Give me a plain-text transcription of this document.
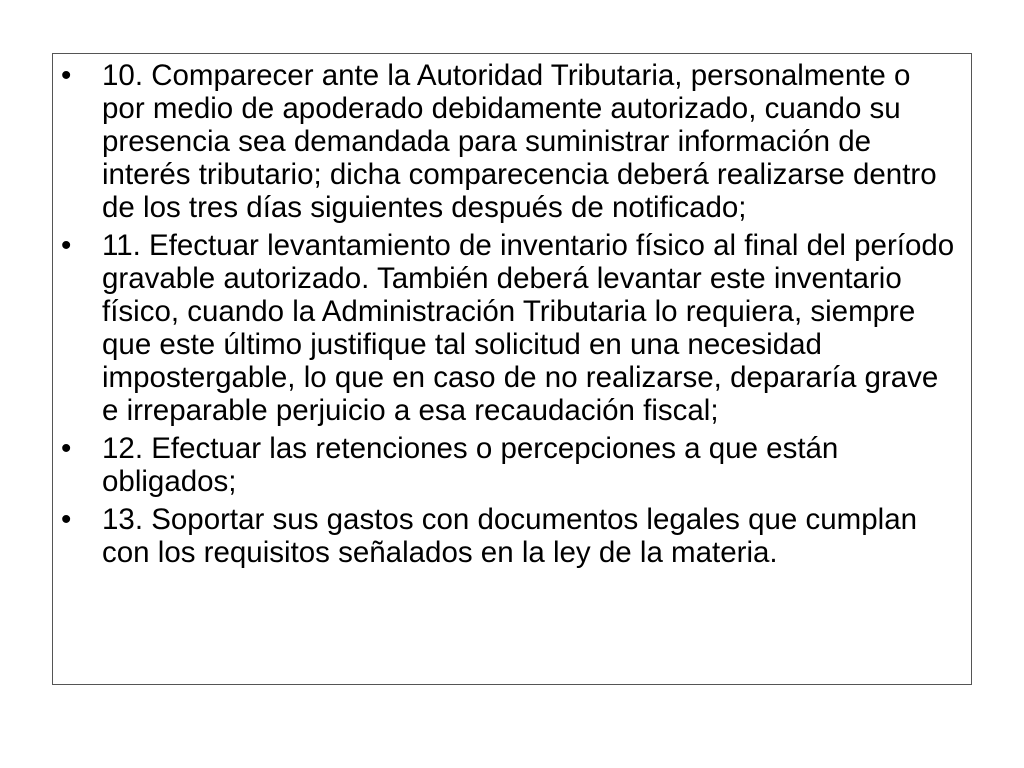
•	10. Comparecer ante la Autoridad Tributaria, personalmente o por medio de apoderado debidamente autorizado, cuando su presencia sea demandada para suministrar información de interés tributario; dicha comparecencia deberá realizarse dentro de los tres días siguientes después de notificado;
•	11. Efectuar levantamiento de inventario físico al final del período gravable autorizado. También deberá levantar este inventario físico, cuando la Administración Tributaria lo requiera, siempre que este último justifique tal solicitud en una necesidad impostergable, lo que en caso de no realizarse, depararía grave e irreparable perjuicio a esa recaudación fiscal;
•	12. Efectuar las retenciones o percepciones a que están obligados;
•	13. Soportar sus gastos con documentos legales que cumplan con los requisitos señalados en la ley de la materia.
